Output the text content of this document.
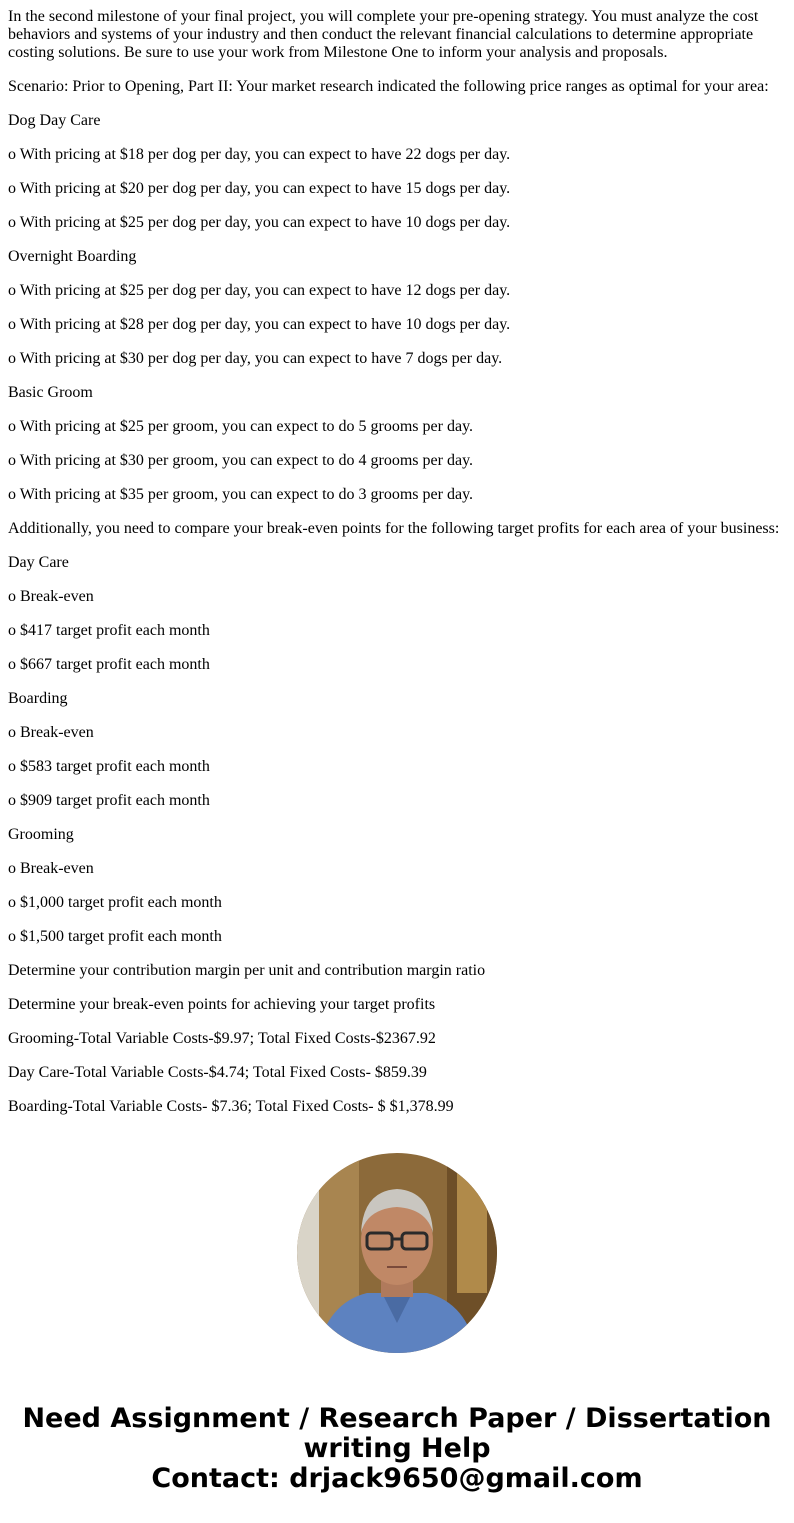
In the second milestone of your final project, you will complete your pre-opening strategy. You must analyze the cost behaviors and systems of your industry and then conduct the relevant financial calculations to determine appropriate costing solutions. Be sure to use your work from Milestone One to inform your analysis and proposals.

Scenario: Prior to Opening, Part II: Your market research indicated the following price ranges as optimal for your area:

Dog Day Care

o With pricing at $18 per dog per day, you can expect to have 22 dogs per day.

o With pricing at $20 per dog per day, you can expect to have 15 dogs per day.

o With pricing at $25 per dog per day, you can expect to have 10 dogs per day.

Overnight Boarding

o With pricing at $25 per dog per day, you can expect to have 12 dogs per day.

o With pricing at $28 per dog per day, you can expect to have 10 dogs per day.

o With pricing at $30 per dog per day, you can expect to have 7 dogs per day.

Basic Groom

o With pricing at $25 per groom, you can expect to do 5 grooms per day.

o With pricing at $30 per groom, you can expect to do 4 grooms per day.

o With pricing at $35 per groom, you can expect to do 3 grooms per day.

Additionally, you need to compare your break-even points for the following target profits for each area of your business:

Day Care

o Break-even

o $417 target profit each month

o $667 target profit each month

Boarding

o Break-even

o $583 target profit each month

o $909 target profit each month

Grooming

o Break-even

o $1,000 target profit each month

o $1,500 target profit each month

Determine your contribution margin per unit and contribution margin ratio

Determine your break-even points for achieving your target profits

Grooming-Total Variable Costs-$9.97; Total Fixed Costs-$2367.92

Day Care-Total Variable Costs-$4.74; Total Fixed Costs- $859.39

Boarding-Total Variable Costs- $7.36; Total Fixed Costs- $ $1,378.99

Need Assignment / Research Paper / Dissertation
writing Help
Contact: drjack9650@gmail.com
